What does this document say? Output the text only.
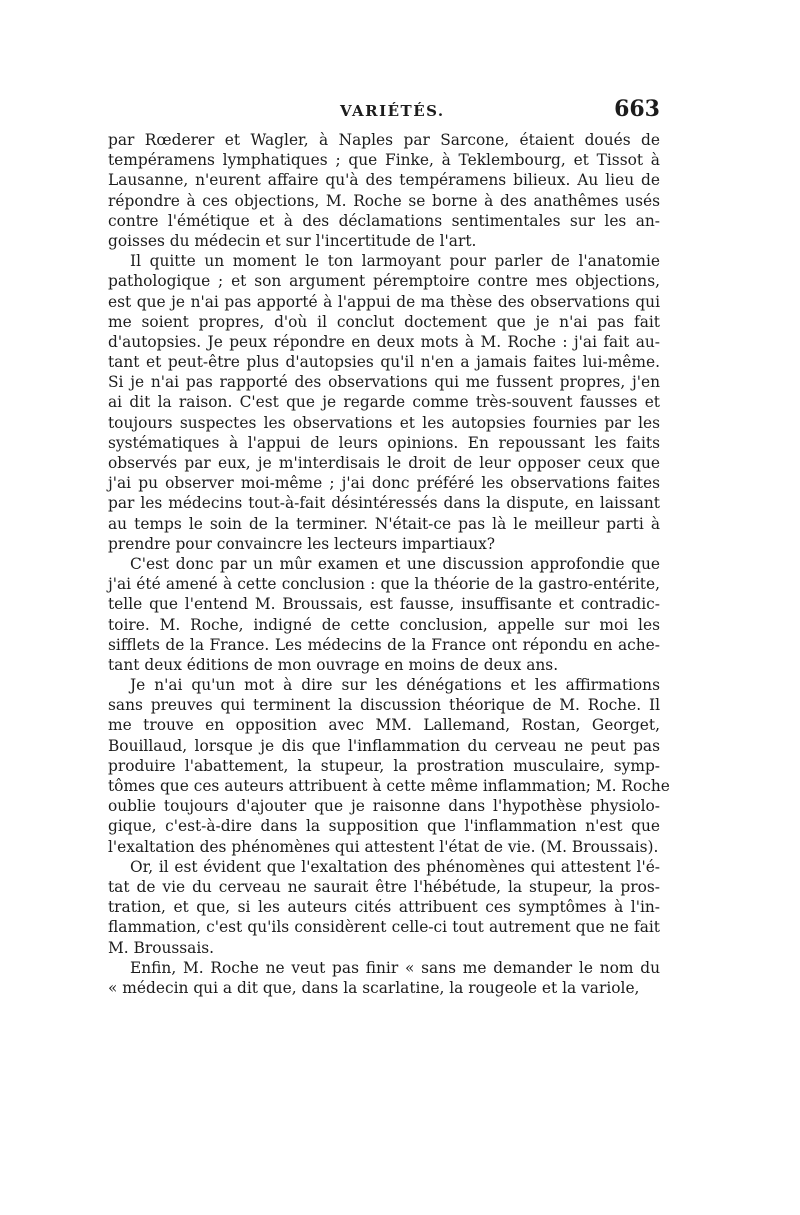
VARIÉTÉS.	663
par Rœderer et Wagler, à Naples par Sarcone, étaient doués de
tempéramens lymphatiques ; que Finke, à Teklembourg, et Tissot à
Lausanne, n'eurent affaire qu'à des tempéramens bilieux. Au lieu de
répondre à ces objections, M. Roche se borne à des anathêmes usés
contre l'émétique et à des déclamations sentimentales sur les an-
goisses du médecin et sur l'incertitude de l'art.
Il quitte un moment le ton larmoyant pour parler de l'anatomie
pathologique ; et son argument péremptoire contre mes objections,
est que je n'ai pas apporté à l'appui de ma thèse des observations qui
me soient propres, d'où il conclut doctement que je n'ai pas fait
d'autopsies. Je peux répondre en deux mots à M. Roche : j'ai fait au-
tant et peut-être plus d'autopsies qu'il n'en a jamais faites lui-même.
Si je n'ai pas rapporté des observations qui me fussent propres, j'en
ai dit la raison. C'est que je regarde comme très-souvent fausses et
toujours suspectes les observations et les autopsies fournies par les
systématiques à l'appui de leurs opinions. En repoussant les faits
observés par eux, je m'interdisais le droit de leur opposer ceux que
j'ai pu observer moi-même ; j'ai donc préféré les observations faites
par les médecins tout-à-fait désintéressés dans la dispute, en laissant
au temps le soin de la terminer. N'était-ce pas là le meilleur parti à
prendre pour convaincre les lecteurs impartiaux?
C'est donc par un mûr examen et une discussion approfondie que
j'ai été amené à cette conclusion : que la théorie de la gastro-entérite,
telle que l'entend M. Broussais, est fausse, insuffisante et contradic-
toire. M. Roche, indigné de cette conclusion, appelle sur moi les
sifflets de la France. Les médecins de la France ont répondu en ache-
tant deux éditions de mon ouvrage en moins de deux ans.
Je n'ai qu'un mot à dire sur les dénégations et les affirmations
sans preuves qui terminent la discussion théorique de M. Roche. Il
me trouve en opposition avec MM. Lallemand, Rostan, Georget,
Bouillaud, lorsque je dis que l'inflammation du cerveau ne peut pas
produire l'abattement, la stupeur, la prostration musculaire, symp-
tômes que ces auteurs attribuent à cette même inflammation; M. Roche
oublie toujours d'ajouter que je raisonne dans l'hypothèse physiolo-
gique, c'est-à-dire dans la supposition que l'inflammation n'est que
l'exaltation des phénomènes qui attestent l'état de vie. (M. Broussais).
Or, il est évident que l'exaltation des phénomènes qui attestent l'é-
tat de vie du cerveau ne saurait être l'hébétude, la stupeur, la pros-
tration, et que, si les auteurs cités attribuent ces symptômes à l'in-
flammation, c'est qu'ils considèrent celle-ci tout autrement que ne fait
M. Broussais.
Enfin, M. Roche ne veut pas finir « sans me demander le nom du
« médecin qui a dit que, dans la scarlatine, la rougeole et la variole,
